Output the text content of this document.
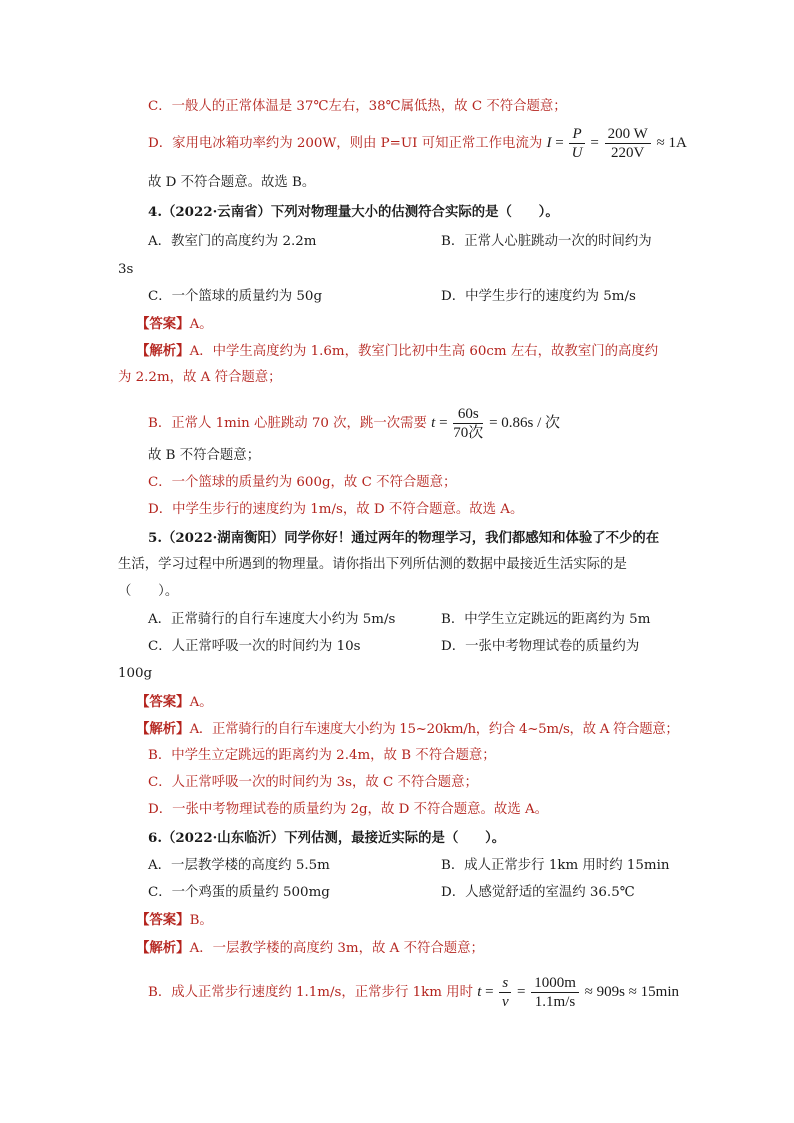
C．一般人的正常体温是 37℃左右，38℃属低热，故 C 不符合题意；
D．家用电冰箱功率约为 200W，则由 P=UI 可知正常工作电流为 $I = \frac{P}{U} = \frac{200 W}{220V} \approx 1A$
故 D 不符合题意。故选 B。
4.（2022·云南省）下列对物理量大小的估测符合实际的是（　　）。
A．教室门的高度约为 2.2m	B．正常人心脏跳动一次的时间约为
3s
C．一个篮球的质量约为 50g	D．中学生步行的速度约为 5m/s
【答案】A。
【解析】A．中学生高度约为 1.6m，教室门比初中生高 60cm 左右，故教室门的高度约
为 2.2m，故 A 符合题意；
B．正常人 1min 心脏跳动 70 次，跳一次需要 $t = \frac{60s}{\text{70次}} = 0.86s$ / 次
故 B 不符合题意；
C．一个篮球的质量约为 600g，故 C 不符合题意；
D．中学生步行的速度约为 1m/s，故 D 不符合题意。故选 A。
5.（2022·湖南衡阳）同学你好！通过两年的物理学习，我们都感知和体验了不少的在
生活，学习过程中所遇到的物理量。请你指出下列所估测的数据中最接近生活实际的是
（　　）。
A．正常骑行的自行车速度大小约为 5m/s	B．中学生立定跳远的距离约为 5m
C．人正常呼吸一次的时间约为 10s	D．一张中考物理试卷的质量约为
100g
【答案】A。
【解析】A．正常骑行的自行车速度大小约为 15~20km/h，约合 4~5m/s，故 A 符合题意；
B．中学生立定跳远的距离约为 2.4m，故 B 不符合题意；
C．人正常呼吸一次的时间约为 3s，故 C 不符合题意；
D．一张中考物理试卷的质量约为 2g，故 D 不符合题意。故选 A。
6.（2022·山东临沂）下列估测，最接近实际的是（　　）。
A．一层教学楼的高度约 5.5m	B．成人正常步行 1km 用时约 15min
C．一个鸡蛋的质量约 500mg	D．人感觉舒适的室温约 36.5℃
【答案】B。
【解析】A．一层教学楼的高度约 3m，故 A 不符合题意；
B．成人正常步行速度约 1.1m/s，正常步行 1km 用时 $t = \frac{s}{v} = \frac{1000m}{1.1m/s} \approx 909s \approx 15\min$
